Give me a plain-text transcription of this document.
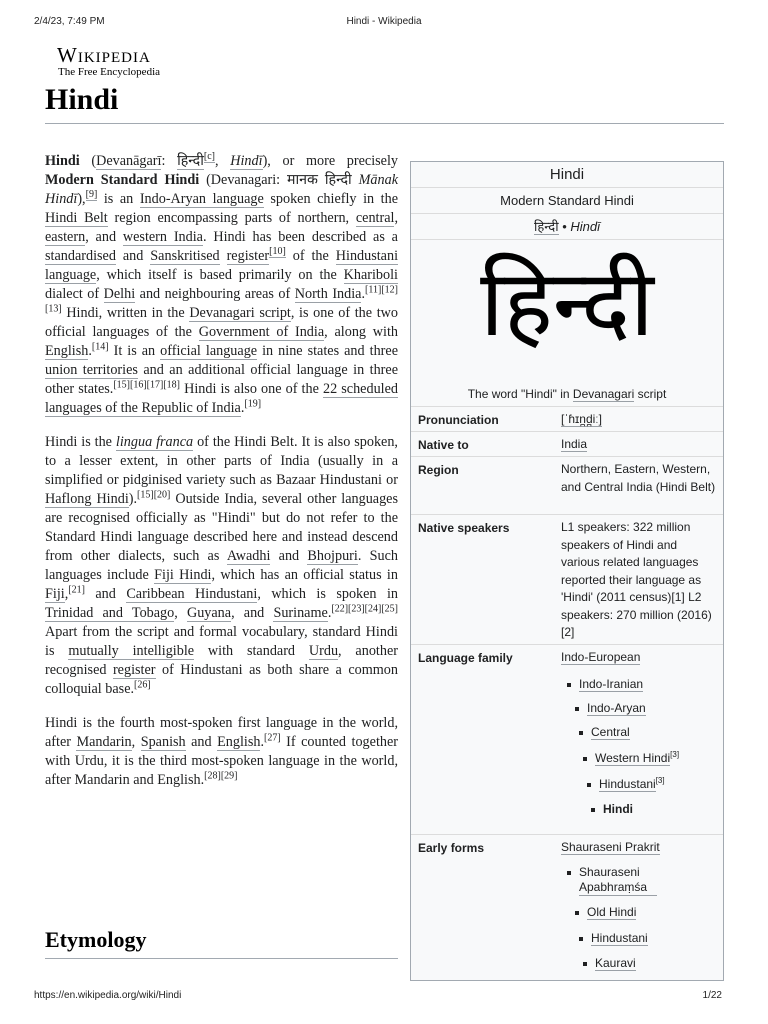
2/4/23, 7:49 PM	Hindi - Wikipedia
Wikipedia
The Free Encyclopedia
Hindi

Hindi (Devanāgarī: हिन्दी[c], Hindī), or more precisely Modern Standard Hindi (Devanagari: मानक हिन्दी Mānak Hindī),[9] is an Indo-Aryan language spoken chiefly in the Hindi Belt region encompassing parts of northern, central, eastern, and western India. Hindi has been described as a standardised and Sanskritised register[10] of the Hindustani language, which itself is based primarily on the Khariboli dialect of Delhi and neighbouring areas of North India.[11][12][13] Hindi, written in the Devanagari script, is one of the two official languages of the Government of India, along with English.[14] It is an official language in nine states and three union territories and an additional official language in three other states.[15][16][17][18] Hindi is also one of the 22 scheduled languages of the Republic of India.[19]

Hindi is the lingua franca of the Hindi Belt. It is also spoken, to a lesser extent, in other parts of India (usually in a simplified or pidginised variety such as Bazaar Hindustani or Haflong Hindi).[15][20] Outside India, several other languages are recognised officially as "Hindi" but do not refer to the Standard Hindi language described here and instead descend from other dialects, such as Awadhi and Bhojpuri. Such languages include Fiji Hindi, which has an official status in Fiji,[21] and Caribbean Hindustani, which is spoken in Trinidad and Tobago, Guyana, and Suriname.[22][23][24][25] Apart from the script and formal vocabulary, standard Hindi is mutually intelligible with standard Urdu, another recognised register of Hindustani as both share a common colloquial base.[26]

Hindi is the fourth most-spoken first language in the world, after Mandarin, Spanish and English.[27] If counted together with Urdu, it is the third most-spoken language in the world, after Mandarin and English.[28][29]

Etymology
Hindi
Modern Standard Hindi
हिन्दी • Hindī
हिन्दी
The word "Hindi" in Devanagari script
Pronunciation	[ˈɦɪn̪d̪iː]
Native to	India
Region	Northern, Eastern, Western, and Central India (Hindi Belt)
Native speakers	L1 speakers: 322 million speakers of Hindi and various related languages reported their language as 'Hindi' (2011 census)[1] L2 speakers: 270 million (2016)[2]
Language family	Indo-European
Indo-Iranian
Indo-Aryan
Central
Western Hindi[3]
Hindustani[3]
Hindi
Early forms	Shauraseni Prakrit
Shauraseni Apabhraṃśa
Old Hindi
Hindustani
Kauravi
https://en.wikipedia.org/wiki/Hindi	1/22
